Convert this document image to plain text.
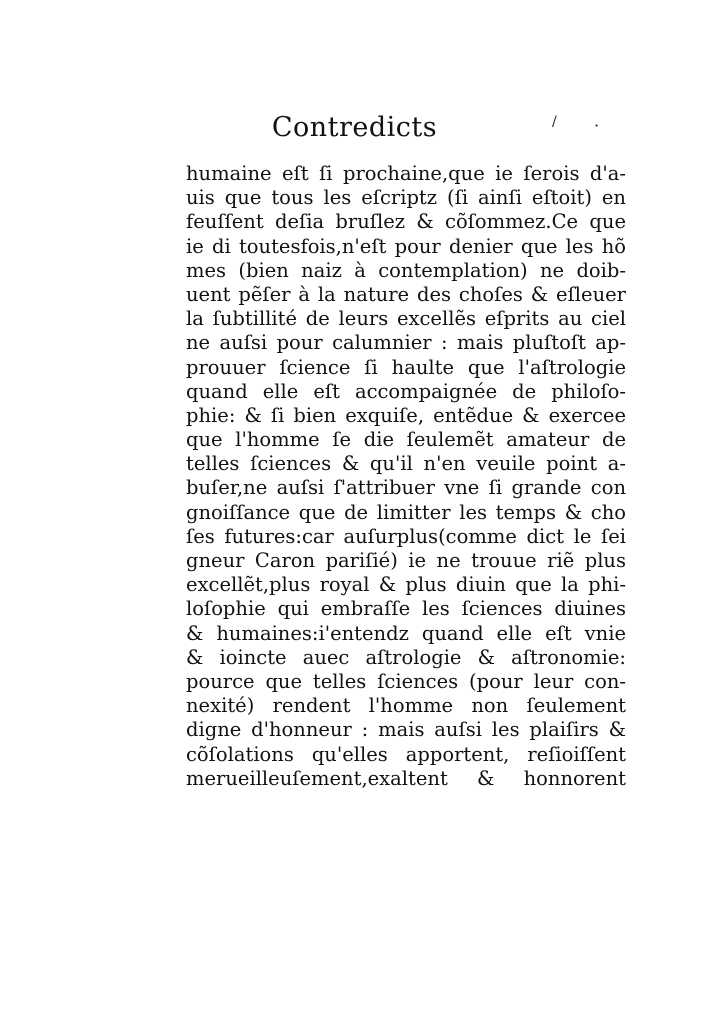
Contredicts	/ ·
humaine eſt ſi prochaine,que ie ſerois d'a-
uis que tous les eſcriptz (ſi ainſi eſtoit) en
feuſſent deſia bruſlez & cõſommez.Ce que
ie di toutesfois,n'eſt pour denier que les hõ
mes (bien naiz à contemplation) ne doib-
uent pẽſer à la nature des choſes & eſleuer
la ſubtillité de leurs excellẽs eſprits au ciel
ne auſsi pour calumnier : mais pluſtoſt ap-
prouuer ſcience ſi haulte que l'aſtrologie
quand elle eſt accompaignée de philoſo-
phie: & ſi bien exquiſe, entẽdue & exercee
que l'homme ſe die ſeulemẽt amateur de
telles ſciences & qu'il n'en veuile point a-
buſer,ne auſsi ſ'attribuer vne ſi grande con
gnoiſſance que de limitter les temps & cho
ſes futures:car auſurplus(comme dict le ſei
gneur Caron pariſié) ie ne trouue riẽ plus
excellẽt,plus royal & plus diuin que la phi-
loſophie qui embraſſe les ſciences diuines
& humaines:i'entendz quand elle eſt vnie
& ioincte auec aſtrologie & aſtronomie:
pource que telles ſciences (pour leur con-
nexité) rendent l'homme non ſeulement
digne d'honneur : mais auſsi les plaiſirs &
cõſolations qu'elles apportent, reſioiſſent
merueilleuſement,exaltent & honnorent
